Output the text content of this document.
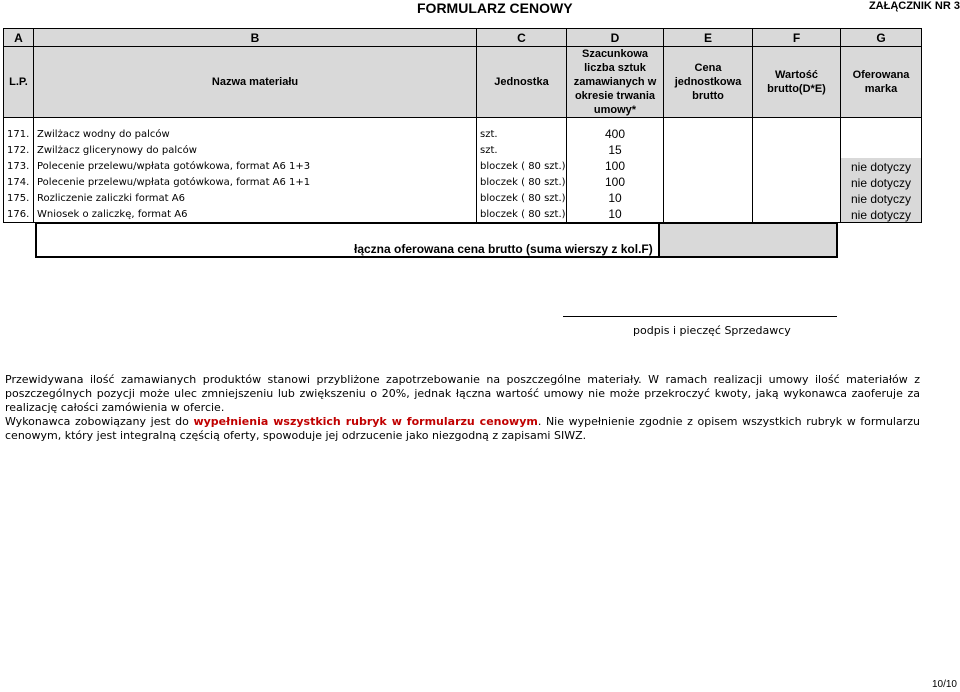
FORMULARZ CENOWY	ZAŁĄCZNIK NR 3
A	B	C	D	E	F	G
L.P.	Nazwa materiału	Jednostka	Szacunkowa liczba sztuk zamawianych w okresie trwania umowy*	Cena jednostkowa brutto	Wartość brutto(D*E)	Oferowana marka

171.	Zwilżacz wodny do palców	szt.	400			
172.	Zwilżacz glicerynowy do palców	szt.	15			
173.	Polecenie przelewu/wpłata gotówkowa, format A6 1+3	bloczek ( 80 szt.)	100			nie dotyczy
174.	Polecenie przelewu/wpłata gotówkowa, format A6 1+1	bloczek ( 80 szt.)	100			nie dotyczy
175.	Rozliczenie zaliczki format A6	bloczek ( 80 szt.)	10			nie dotyczy
176.	Wniosek o zaliczkę, format A6	bloczek ( 80 szt.)	10			nie dotyczy
łączna oferowana cena brutto (suma wierszy z kol.F)
podpis i pieczęć Sprzedawcy

Przewidywana ilość zamawianych produktów stanowi przybliżone zapotrzebowanie na poszczególne materiały. W ramach realizacji umowy ilość materiałów z poszczególnych pozycji może ulec zmniejszeniu lub zwiększeniu o 20%, jednak łączna wartość umowy nie może przekroczyć kwoty, jaką wykonawca zaoferuje za realizację całości zamówienia w ofercie.

Wykonawca zobowiązany jest do wypełnienia wszystkich rubryk w formularzu cenowym. Nie wypełnienie zgodnie z opisem wszystkich rubryk w formularzu cenowym, który jest integralną częścią oferty, spowoduje jej odrzucenie jako niezgodną z zapisami SIWZ.

10/10
